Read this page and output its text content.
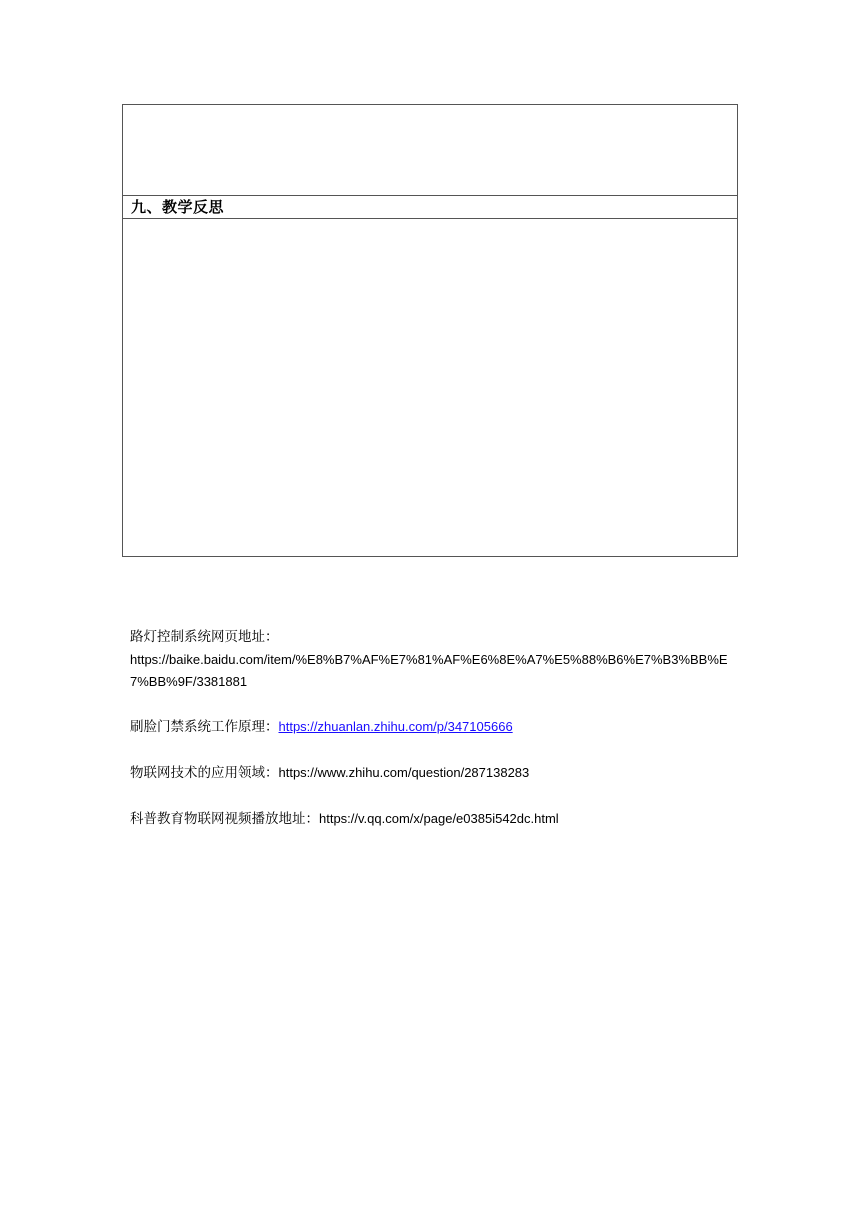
九、教学反思
路灯控制系统网页地址：
https://baike.baidu.com/item/%E8%B7%AF%E7%81%AF%E6%8E%A7%E5%88%B6%E7%B3%BB%E7%BB%9F/3381881
刷脸门禁系统工作原理：https://zhuanlan.zhihu.com/p/347105666
物联网技术的应用领域：https://www.zhihu.com/question/287138283
科普教育物联网视频播放地址：https://v.qq.com/x/page/e0385i542dc.html
